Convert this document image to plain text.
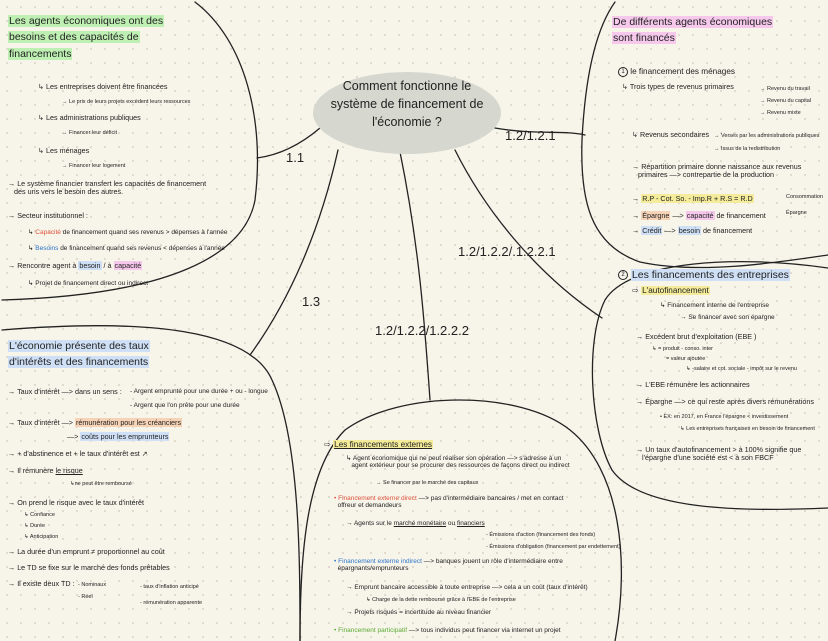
Comment fonctionne le
système de financement de
l'économie ?
1.1
1.2/1.2.1
1.2/1.2.2/.1.2.2.1
1.3
1.2/1.2.2/1.2.2.2
Les agents économiques ont des
besoins et des capacités de
financements
↳ Les entreprises doivent être financées
→ Le prix de leurs projets excèdent leurs ressources
↳ Les administrations publiques
→ Financer leur déficit
↳ Les ménages
→ Financer leur logement
→ Le système financier transfert les capacités de financement
des uns vers le besoin des autres.
→ Secteur institutionnel :
↳ Capacité de financement quand ses revenus > dépenses à l'année
↳ Besoins de financement quand ses revenus < dépenses à l'année
→ Rencontre agent à besoin / à capacité
↳ Projet de financement direct ou indirect
L'économie présente des taux
d'intérêts et des financements
→ Taux d'intérêt —> dans un sens : - Argent emprunté pour une durée + ou - longue
- Argent que l'on prête pour une durée
→ Taux d'intérêt —> rémunération pour les créanciers
—> coûts pour les emprunteurs
→ + d'abstinence et + le taux d'intérêt est ↗
→ Il rémunère le risque
↳ne peut être remboursé
→ On prend le risque avec le taux d'intérêt
↳ Confiance
↳ Durée
↳ Anticipation
→ La durée d'un emprunt ≠ proportionnel au coût
→ Le TD se fixe sur le marché des fonds prêtables
→ Il existe deux TD : - Nominaux
- Réel
- taux d'inflation anticipé
- rémunération apparente
De différents agents économiques
sont financés
1 le financement des ménages
↳ Trois types de revenus primaires	→ Revenu du travail
→ Revenu du capital
→ Revenu mixte
↳ Revenus secondaires → Versés par les administrations publiques
→ Issus de la redistribution
→ Répartition primaire donne naissance aux revenus
primaires —> contrepartie de la production
→ R.P - Cot. So. - Imp.R + R.S = R.D	Consommation
Épargne
→ Épargne —> capacité de financement
→ Crédit —> besoin de financement
2 Les financements des entreprises
⇨ L'autofinancement
↳ Financement interne de l'entreprise
→ Se financer avec son épargne
→ Excédent brut d'exploitation (EBE )
↳ = produit - conso. inter
= valeur ajoutée
↳ -salaire et cot. sociale - impôt sur le revenu
→ L'EBE rémunère les actionnaires
→ Épargne —> ce qui reste après divers rémunérations
• EX: en 2017, en France l'épargne < investissement
↳ Les entreprises françaises en besoin de financement
→ Un taux d'autofinancement > à 100% signifie que
l'épargne d'une société est < à son FBCF
⇨ Les financements externes
↳ Agent économique qui ne peut réaliser son opération —> s'adresse à un
agent extérieur pour se procurer des ressources de façons direct ou indirect
→ Se financer par le marché des capitaux
• Financement externe direct —> pas d'intermédiaire bancaires / met en contact
offreur et demandeurs
→ Agents sur le marché monétaire ou financiers
- Émissions d'action (financement des fonds)
- Émissions d'obligation (financement par endettement)
• Financement externe indirect —> banques jouent un rôle d'intermédiaire entre
épargnants/emprunteurs
→ Emprunt bancaire accessible à toute entreprise —> cela a un coût (taux d'intérêt)
↳ Charge de la dette remboursé grâce à l'EBE de l'entreprise
→ Projets risqués = incertitude au niveau financier
• Financement participatif —> tous individus peut financer via internet un projet
